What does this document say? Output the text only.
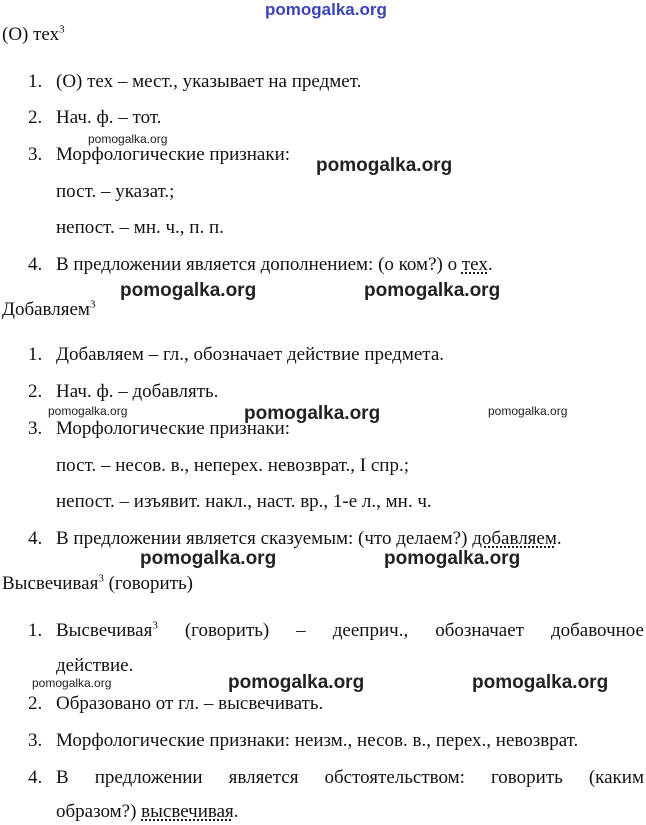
pomogalka.org
pomogalka.org
pomogalka.org
pomogalka.org	pomogalka.org
pomogalka.org	pomogalka.org	pomogalka.org
pomogalka.org	pomogalka.org
pomogalka.org	pomogalka.org	pomogalka.org
(О) тех$^3$
1. (О) тех – мест., указывает на предмет.
2. Нач. ф. – тот.
3. Морфологические признаки:
пост. – указат.;
непост. – мн. ч., п. п.
4. В предложении является дополнением: (о ком?) о тех.
Добавляем$^3$
1. Добавляем – гл., обозначает действие предмета.
2. Нач. ф. – добавлять.
3. Морфологические признаки:
пост. – несов. в., неперех. невозврат., I спр.;
непост. – изъявит. накл., наст. вр., 1-е л., мн. ч.
4. В предложении является сказуемым: (что делаем?) добавляем.
Высвечивая$^3$ (говорить)
1. Высвечивая$^3$ (говорить) – дееприч., обозначает добавочное
действие.
2. Образовано от гл. – высвечивать.
3. Морфологические признаки: неизм., несов. в., перех., невозврат.
4. В предложении является обстоятельством: говорить (каким
образом?) высвечивая.
